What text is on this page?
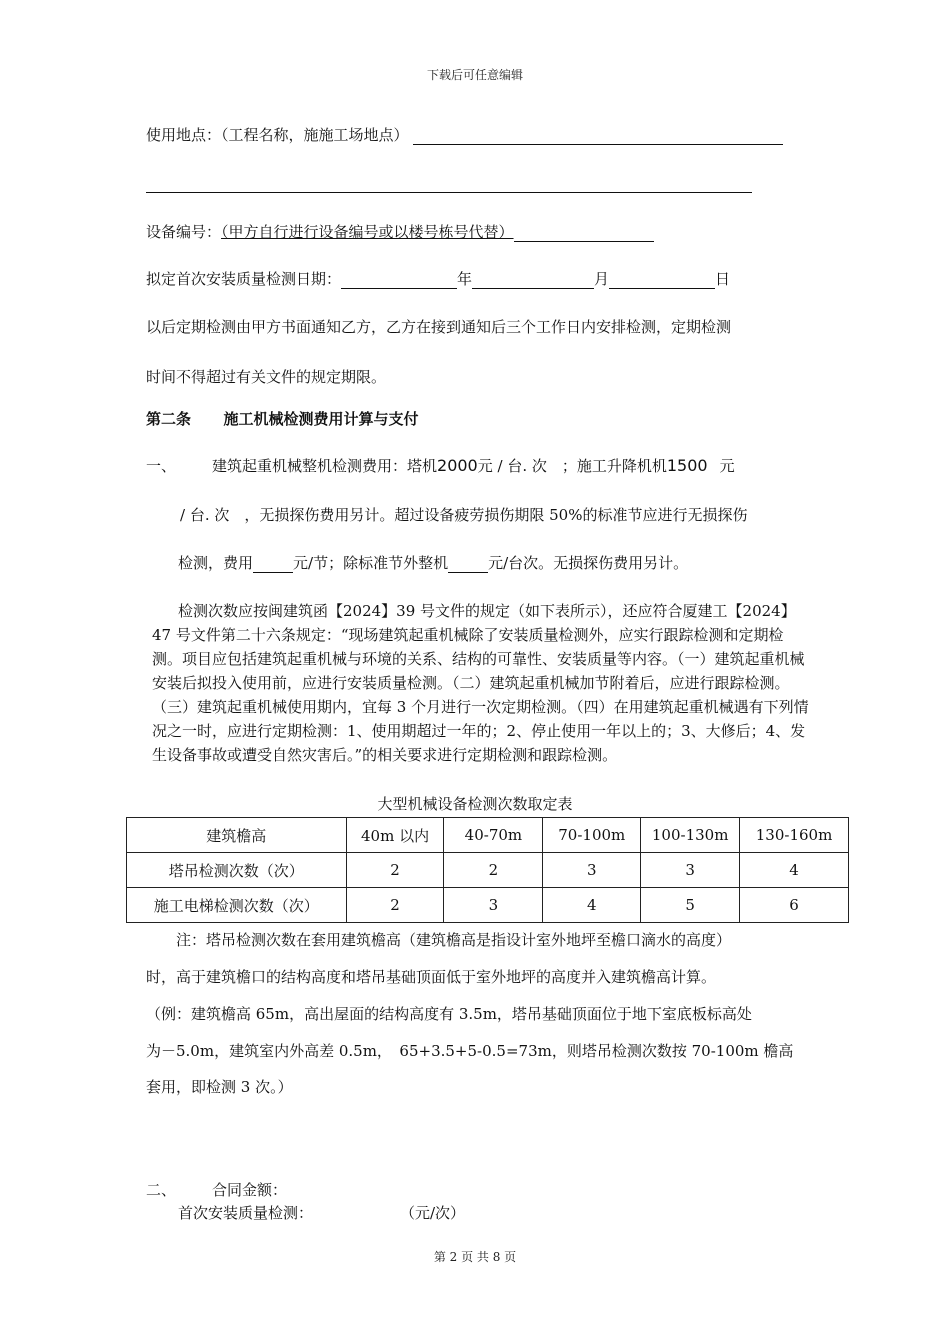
下载后可任意编辑
使用地点：（工程名称，施施工场地点）
设备编号：（甲方自行进行设备编号或以楼号栋号代替）
拟定首次安装质量检测日期：	年	月	日
以后定期检测由甲方书面通知乙方，乙方在接到通知后三个工作日内安排检测，定期检测
时间不得超过有关文件的规定期限。
第二条 施工机械检测费用计算与支付
一、 建筑起重机械整机检测费用：塔机2000元 / 台. 次　；施工升降机机1500 元
/ 台. 次　，无损探伤费用另计。超过设备疲劳损伤期限 50%的标准节应进行无损探伤
检测，费用	元/节；除标准节外整机	元/台次。无损探伤费用另计。
检测次数应按闽建筑函【2024】39 号文件的规定（如下表所示），还应符合厦建工【2024】47 号文件第二十六条规定：“现场建筑起重机械除了安装质量检测外，应实行跟踪检测和定期检测。项目应包括建筑起重机械与环境的关系、结构的可靠性、安装质量等内容。（一）建筑起重机械安装后拟投入使用前，应进行安装质量检测。（二）建筑起重机械加节附着后，应进行跟踪检测。（三）建筑起重机械使用期内，宜每 3 个月进行一次定期检测。（四）在用建筑起重机械遇有下列情况之一时，应进行定期检测：1、使用期超过一年的；2、停止使用一年以上的；3、大修后；4、发生设备事故或遭受自然灾害后。”的相关要求进行定期检测和跟踪检测。
大型机械设备检测次数取定表
建筑檐高	40m 以内	40-70m	70-100m	100-130m	130-160m
塔吊检测次数（次）	2	2	3	3	4
施工电梯检测次数（次）	2	3	4	5	6
注：塔吊检测次数在套用建筑檐高（建筑檐高是指设计室外地坪至檐口滴水的高度）
时，高于建筑檐口的结构高度和塔吊基础顶面低于室外地坪的高度并入建筑檐高计算。
（例：建筑檐高 65m，高出屋面的结构高度有 3.5m，塔吊基础顶面位于地下室底板标高处
为－5.0m，建筑室内外高差 0.5m，　65+3.5+5-0.5=73m，则塔吊检测次数按 70-100m 檐高
套用，即检测 3 次。）
二、 合同金额：
首次安装质量检测：	（元/次）
第 2 页 共 8 页
